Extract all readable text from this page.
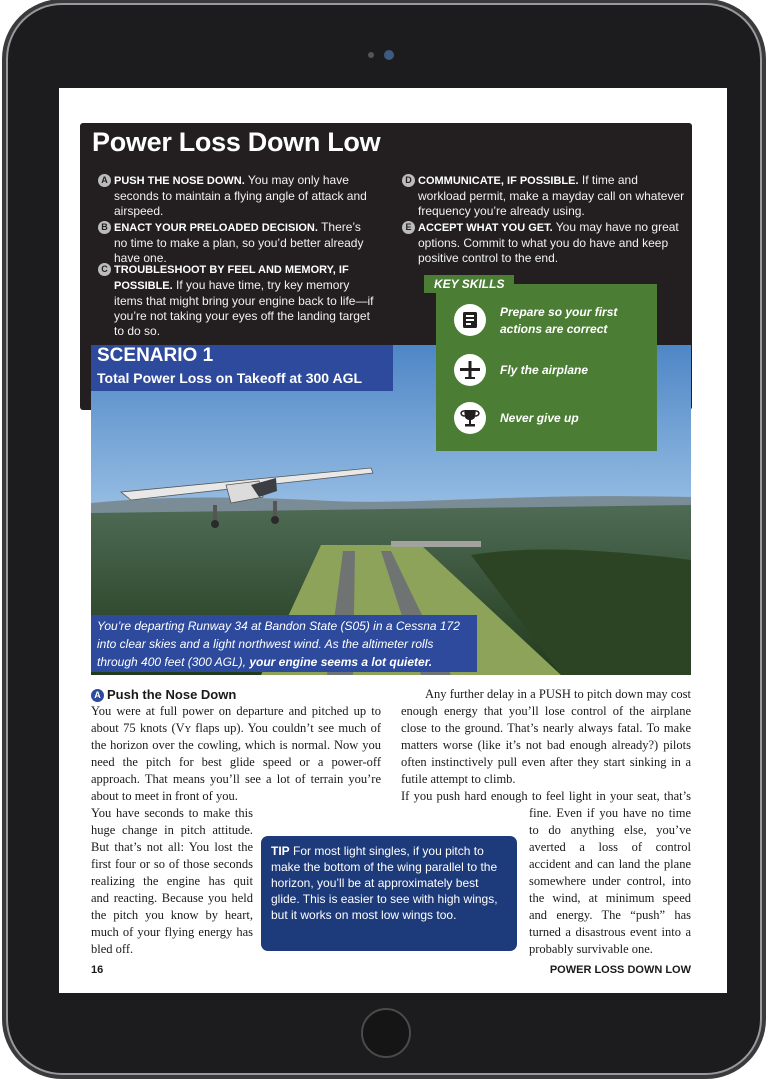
Power Loss Down Low
A PUSH THE NOSE DOWN. You may only have seconds to maintain a flying angle of attack and airspeed.
B ENACT YOUR PRELOADED DECISION. There’s no time to make a plan, so you’d better already have one.
C TROUBLESHOOT BY FEEL AND MEMORY, IF POSSIBLE. If you have time, try key memory items that might bring your engine back to life—if you’re not taking your eyes off the landing target to do so.
D COMMUNICATE, IF POSSIBLE. If time and workload permit, make a mayday call on whatever frequency you’re already using.
E ACCEPT WHAT YOU GET. You may have no great options. Commit to what you do have and keep positive control to the end.
SCENARIO 1
Total Power Loss on Takeoff at 300 AGL
KEY SKILLS
Prepare so your first actions are correct
Fly the airplane
Never give up
You’re departing Runway 34 at Bandon State (S05) in a Cessna 172 into clear skies and a light northwest wind. As the altimeter rolls through 400 feet (300 AGL), your engine seems a lot quieter.
A Push the Nose Down

You were at full power on departure and pitched up to about 75 knots (Vʏ flaps up). You couldn’t see much of the horizon over the cowling, which is normal. Now you need the pitch for best glide speed or a power-off approach. That means you’ll see a lot of terrain you’re about to meet in front of you.

You have seconds to make this huge change in pitch attitude. But that’s not all: You lost the first four or so of those seconds realizing the engine has quit and reacting. Because you held the pitch you know by heart, much of your flying energy has bled off.

Any further delay in a PUSH to pitch down may cost enough energy that you’ll lose control of the airplane close to the ground. That’s nearly always fatal. To make matters worse (like it’s not bad enough already?) pilots often instinctively pull even after they start sinking in a futile attempt to climb.

If you push hard enough to feel light in your seat, that’s fine. Even if you have no time to do anything else, you’ve averted a loss of control accident and can land the plane somewhere under control, into the wind, at minimum speed and energy. The “push” has turned a disastrous event into a probably survivable one.

TIP For most light singles, if you pitch to make the bottom of the wing parallel to the horizon, you’ll be at approximately best glide. This is easier to see with high wings, but it works on most low wings too.
16	POWER LOSS DOWN LOW
